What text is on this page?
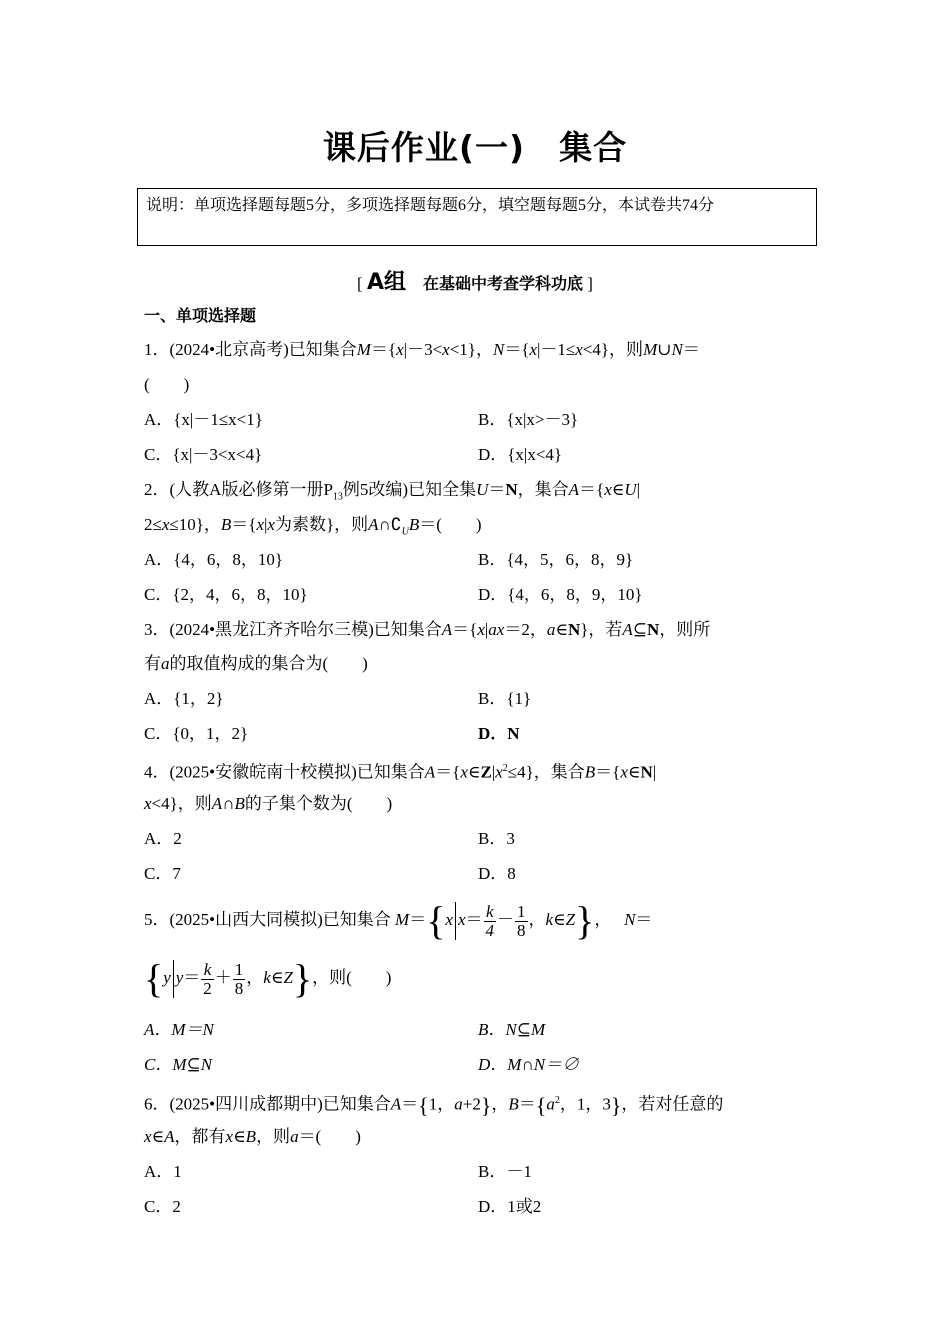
课后作业(一)　集合
说明：单项选择题每题5分，多项选择题每题6分，填空题每题5分，本试卷共74分
[ A组　 在基础中考查学科功底 ]
一、单项选择题
1．(2024•北京高考)已知集合M＝{x|－3<x<1}，N＝{x|－1≤x<4}，则M∪N＝
(　　)
A．{x|－1≤x<1}	B．{x|x>－3}
C．{x|－3<x<4}	D．{x|x<4}
2．(人教A版必修第一册$P_{13}$例5改编)已知全集U＝N，集合A＝{x∈U|
2≤x≤10}，B＝{x|x为素数}，则$A\cap∁_UB=$(　　)
A．{4，6，8，10}	B．{4，5，6，8，9}
C．{2，4，6，8，10}	D．{4，6，8，9，10}
3．(2024•黑龙江齐齐哈尔三模)已知集合A＝{x|ax＝2，a∈N}，若A⊆N，则所
有a的取值构成的集合为(　　)
A．{1，2}	B．{1}
C．{0，1，2}	D．N
4．(2025•安徽皖南十校模拟)已知集合$A=\{x\in Z|x^2\le 4\}$，集合B＝{x∈N|
x<4}，则A∩B的子集个数为(　　)
A．2	B．3
C．7	D．8
5．(2025•山西大同模拟)已知集合 M＝{x $x= \frac{k}{4} - \frac{1}{8}$ ，k∈Z}，   N＝
{y $y= \frac{k}{2} + \frac{1}{8}$ ，k∈Z}，则(　　)
A．M＝N	B．N⊆M
C．M⊆N	D．M∩N＝∅
6．(2025•四川成都期中)已知集合A＝{1，a+2}，$B=\{a^2$，1，3}，若对任意的
x∈A，都有x∈B，则a＝(　　)
A．1	B．－1
C．2	D．1或2
